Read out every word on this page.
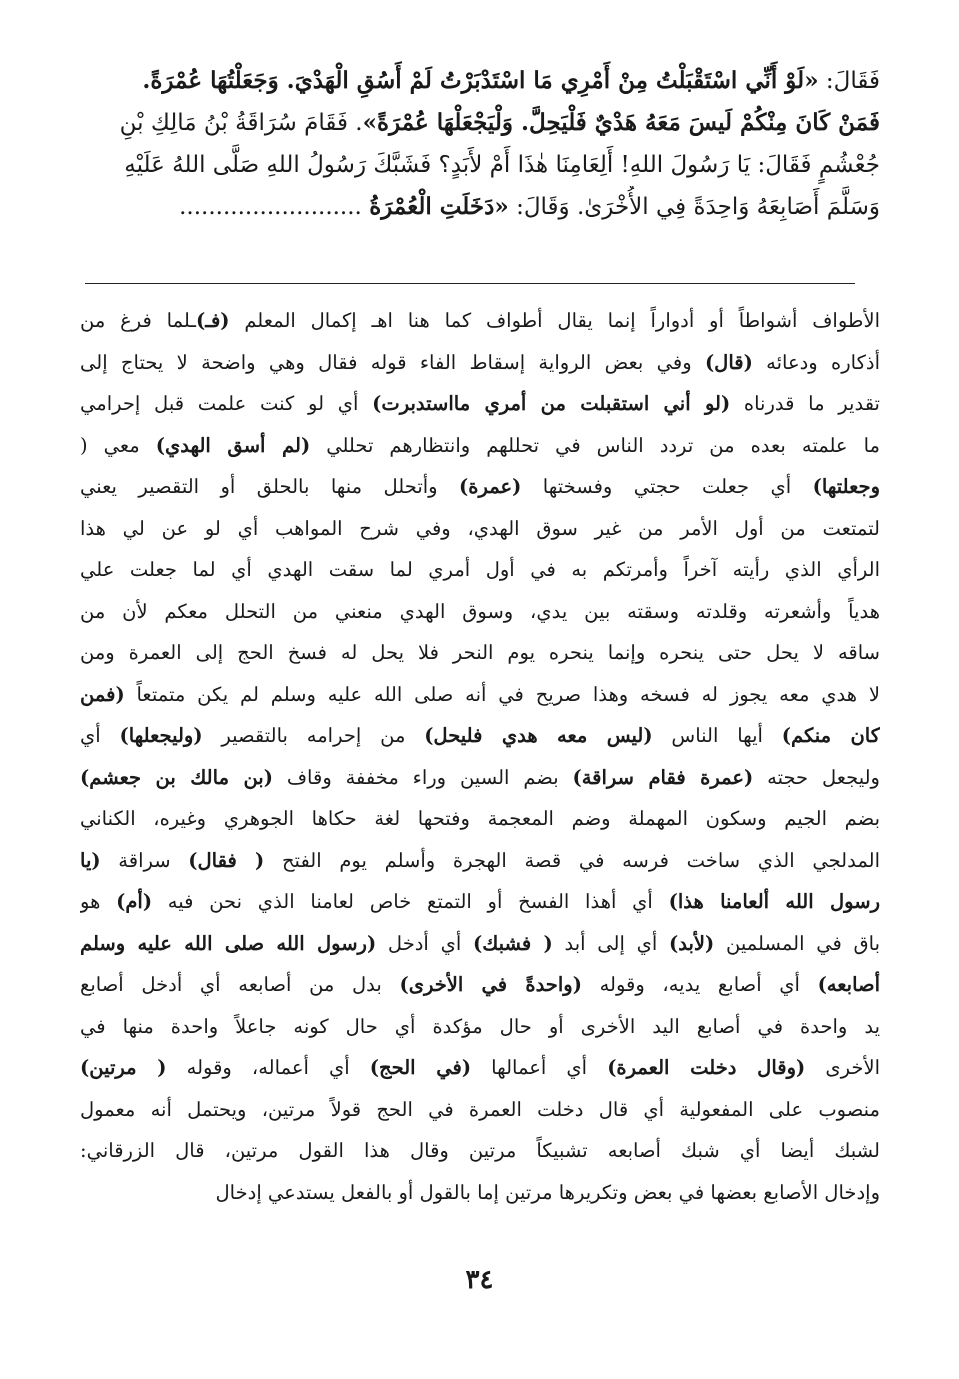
فَقَالَ: «لَوْ أَنِّي اسْتَقْبَلْتُ مِنْ أَمْرِي مَا اسْتَدْبَرْتُ لَمْ أَسُقِ الْهَدْيَ. وَجَعَلْتُهَا عُمْرَةً.
فَمَنْ كَانَ مِنْكُمْ لَيسَ مَعَهُ هَدْيٌ فَلْيَحِلَّ. وَلْيَجْعَلْهَا عُمْرَةً». فَقَامَ سُرَاقَةُ بْنُ مَالِكِ بْنِ
جُعْشُمٍ فَقَالَ: يَا رَسُولَ اللهِ! أَلِعَامِنَا هٰذَا أَمْ لأَبَدٍ؟ فَشَبَّكَ رَسُولُ اللهِ صَلَّى اللهُ عَلَيْهِ
وَسَلَّمَ أَصَابِعَهُ وَاحِدَةً فِي الأُخْرَىٰ. وَقَالَ: «دَخَلَتِ الْعُمْرَةُ .........................
الأطواف أشواطاً أو أدواراً إنما يقال أطواف كما هنا اهـ إكمال المعلم (فـ)ـلما فرغ من
أذكاره ودعائه (قال) وفي بعض الرواية إسقاط الفاء قوله فقال وهي واضحة لا يحتاج إلى
تقدير ما قدرناه (لو أني استقبلت من أمري مااستدبرت) أي لو كنت علمت قبل إحرامي
ما علمته بعده من تردد الناس في تحللهم وانتظارهم تحللي (لم أسق الهدي) معي (
وجعلتها) أي جعلت حجتي وفسختها (عمرة) وأتحلل منها بالحلق أو التقصير يعني
لتمتعت من أول الأمر من غير سوق الهدي، وفي شرح المواهب أي لو عن لي هذا
الرأي الذي رأيته آخراً وأمرتكم به في أول أمري لما سقت الهدي أي لما جعلت علي
هدياً وأشعرته وقلدته وسقته بين يدي، وسوق الهدي منعني من التحلل معكم لأن من
ساقه لا يحل حتى ينحره وإنما ينحره يوم النحر فلا يحل له فسخ الحج إلى العمرة ومن
لا هدي معه يجوز له فسخه وهذا صريح في أنه صلى الله عليه وسلم لم يكن متمتعاً (فمن
كان منكم) أيها الناس (ليس معه هدي فليحل) من إحرامه بالتقصير (وليجعلها) أي
وليجعل حجته (عمرة فقام سراقة) بضم السين وراء مخففة وقاف (بن مالك بن جعشم)
بضم الجيم وسكون المهملة وضم المعجمة وفتحها لغة حكاها الجوهري وغيره، الكناني
المدلجي الذي ساخت فرسه في قصة الهجرة وأسلم يوم الفتح ( فقال) سراقة (يا
رسول الله ألعامنا هذا) أي أهذا الفسخ أو التمتع خاص لعامنا الذي نحن فيه (أم) هو
باق في المسلمين (لأبد) أي إلى أبد ( فشبك) أي أدخل (رسول الله صلى الله عليه وسلم
أصابعه) أي أصابع يديه، وقوله (واحدةً في الأخرى) بدل من أصابعه أي أدخل أصابع
يد واحدة في أصابع اليد الأخرى أو حال مؤكدة أي حال كونه جاعلاً واحدة منها في
الأخرى (وقال دخلت العمرة) أي أعمالها (في الحج) أي أعماله، وقوله ( مرتين)
منصوب على المفعولية أي قال دخلت العمرة في الحج قولاً مرتين، ويحتمل أنه معمول
لشبك أيضا أي شبك أصابعه تشبيكاً مرتين وقال هذا القول مرتين، قال الزرقاني:
وإدخال الأصابع بعضها في بعض وتكريرها مرتين إما بالقول أو بالفعل يستدعي إدخال
٣٤
